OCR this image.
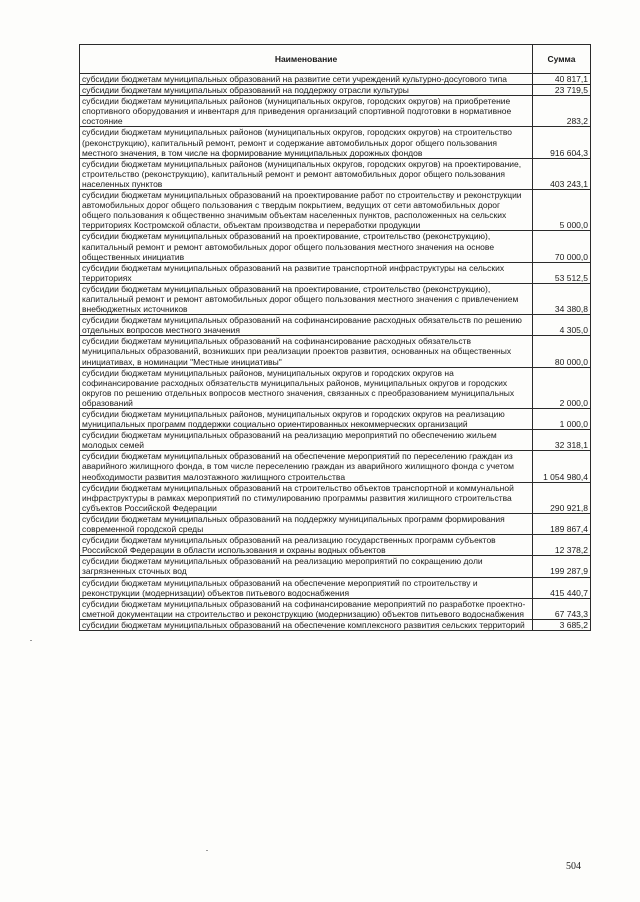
Наименование	Сумма
субсидии бюджетам муниципальных образований на развитие сети учреждений культурно-досугового типа	40 817,1
субсидии бюджетам муниципальных образований на поддержку отрасли культуры	23 719,5
субсидии бюджетам муниципальных районов (муниципальных округов, городских округов) на приобретение спортивного оборудования и инвентаря для приведения организаций спортивной подготовки в нормативное состояние	283,2
субсидии бюджетам муниципальных районов (муниципальных округов, городских округов) на строительство (реконструкцию), капитальный ремонт, ремонт и содержание автомобильных дорог общего пользования местного значения, в том числе на формирование муниципальных дорожных фондов	916 604,3
субсидии бюджетам муниципальных районов (муниципальных округов, городских округов) на проектирование, строительство (реконструкцию), капитальный ремонт и ремонт автомобильных дорог общего пользования населенных пунктов	403 243,1
субсидии бюджетам муниципальных образований на проектирование работ по строительству и реконструкции автомобильных дорог общего пользования с твердым покрытием, ведущих от сети автомобильных дорог общего пользования к общественно значимым объектам населенных пунктов, расположенных на сельских территориях Костромской области, объектам производства и переработки продукции	5 000,0
субсидии бюджетам муниципальных образований на проектирование, строительство (реконструкцию), капитальный ремонт и ремонт автомобильных дорог общего пользования местного значения на основе общественных инициатив	70 000,0
субсидии бюджетам муниципальных образований на развитие транспортной инфраструктуры на сельских территориях	53 512,5
субсидии бюджетам муниципальных образований на проектирование, строительство (реконструкцию), капитальный ремонт и ремонт автомобильных дорог общего пользования местного значения с привлечением внебюджетных источников	34 380,8
субсидии бюджетам муниципальных образований на софинансирование расходных обязательств по решению отдельных вопросов местного значения	4 305,0
субсидии бюджетам муниципальных образований на софинансирование расходных обязательств муниципальных образований, возникших при реализации проектов развития, основанных на общественных инициативах, в номинации "Местные инициативы"	80 000,0
субсидии бюджетам муниципальных районов, муниципальных округов и городских округов на софинансирование расходных обязательств муниципальных районов, муниципальных округов и городских округов по решению отдельных вопросов местного значения, связанных с преобразованием муниципальных образований	2 000,0
субсидии бюджетам муниципальных районов, муниципальных округов и городских округов на реализацию муниципальных программ поддержки социально ориентированных некоммерческих организаций	1 000,0
субсидии бюджетам муниципальных образований на реализацию мероприятий по обеспечению жильем молодых семей	32 318,1
субсидии бюджетам муниципальных образований на обеспечение мероприятий по переселению граждан из аварийного жилищного фонда, в том числе переселению граждан из аварийного жилищного фонда с учетом необходимости развития малоэтажного жилищного строительства	1 054 980,4
субсидии бюджетам муниципальных образований на строительство объектов транспортной и коммунальной инфраструктуры в рамках мероприятий по стимулированию программы развития жилищного строительства субъектов Российской Федерации	290 921,8
субсидии бюджетам муниципальных образований на поддержку муниципальных программ формирования современной городской среды	189 867,4
субсидии бюджетам муниципальных образований на реализацию государственных программ субъектов Российской Федерации в области использования и охраны водных объектов	12 378,2
субсидии бюджетам муниципальных образований на реализацию мероприятий по сокращению доли загрязненных сточных вод	199 287,9
субсидии бюджетам муниципальных образований на обеспечение мероприятий по строительству и реконструкции (модернизации) объектов питьевого водоснабжения	415 440,7
субсидии бюджетам муниципальных образований на софинансирование мероприятий по разработке проектно-сметной документации на строительство и реконструкцию (модернизацию) объектов питьевого водоснабжения	67 743,3
субсидии бюджетам муниципальных образований на обеспечение комплексного развития сельских территорий	3 685,2
504
